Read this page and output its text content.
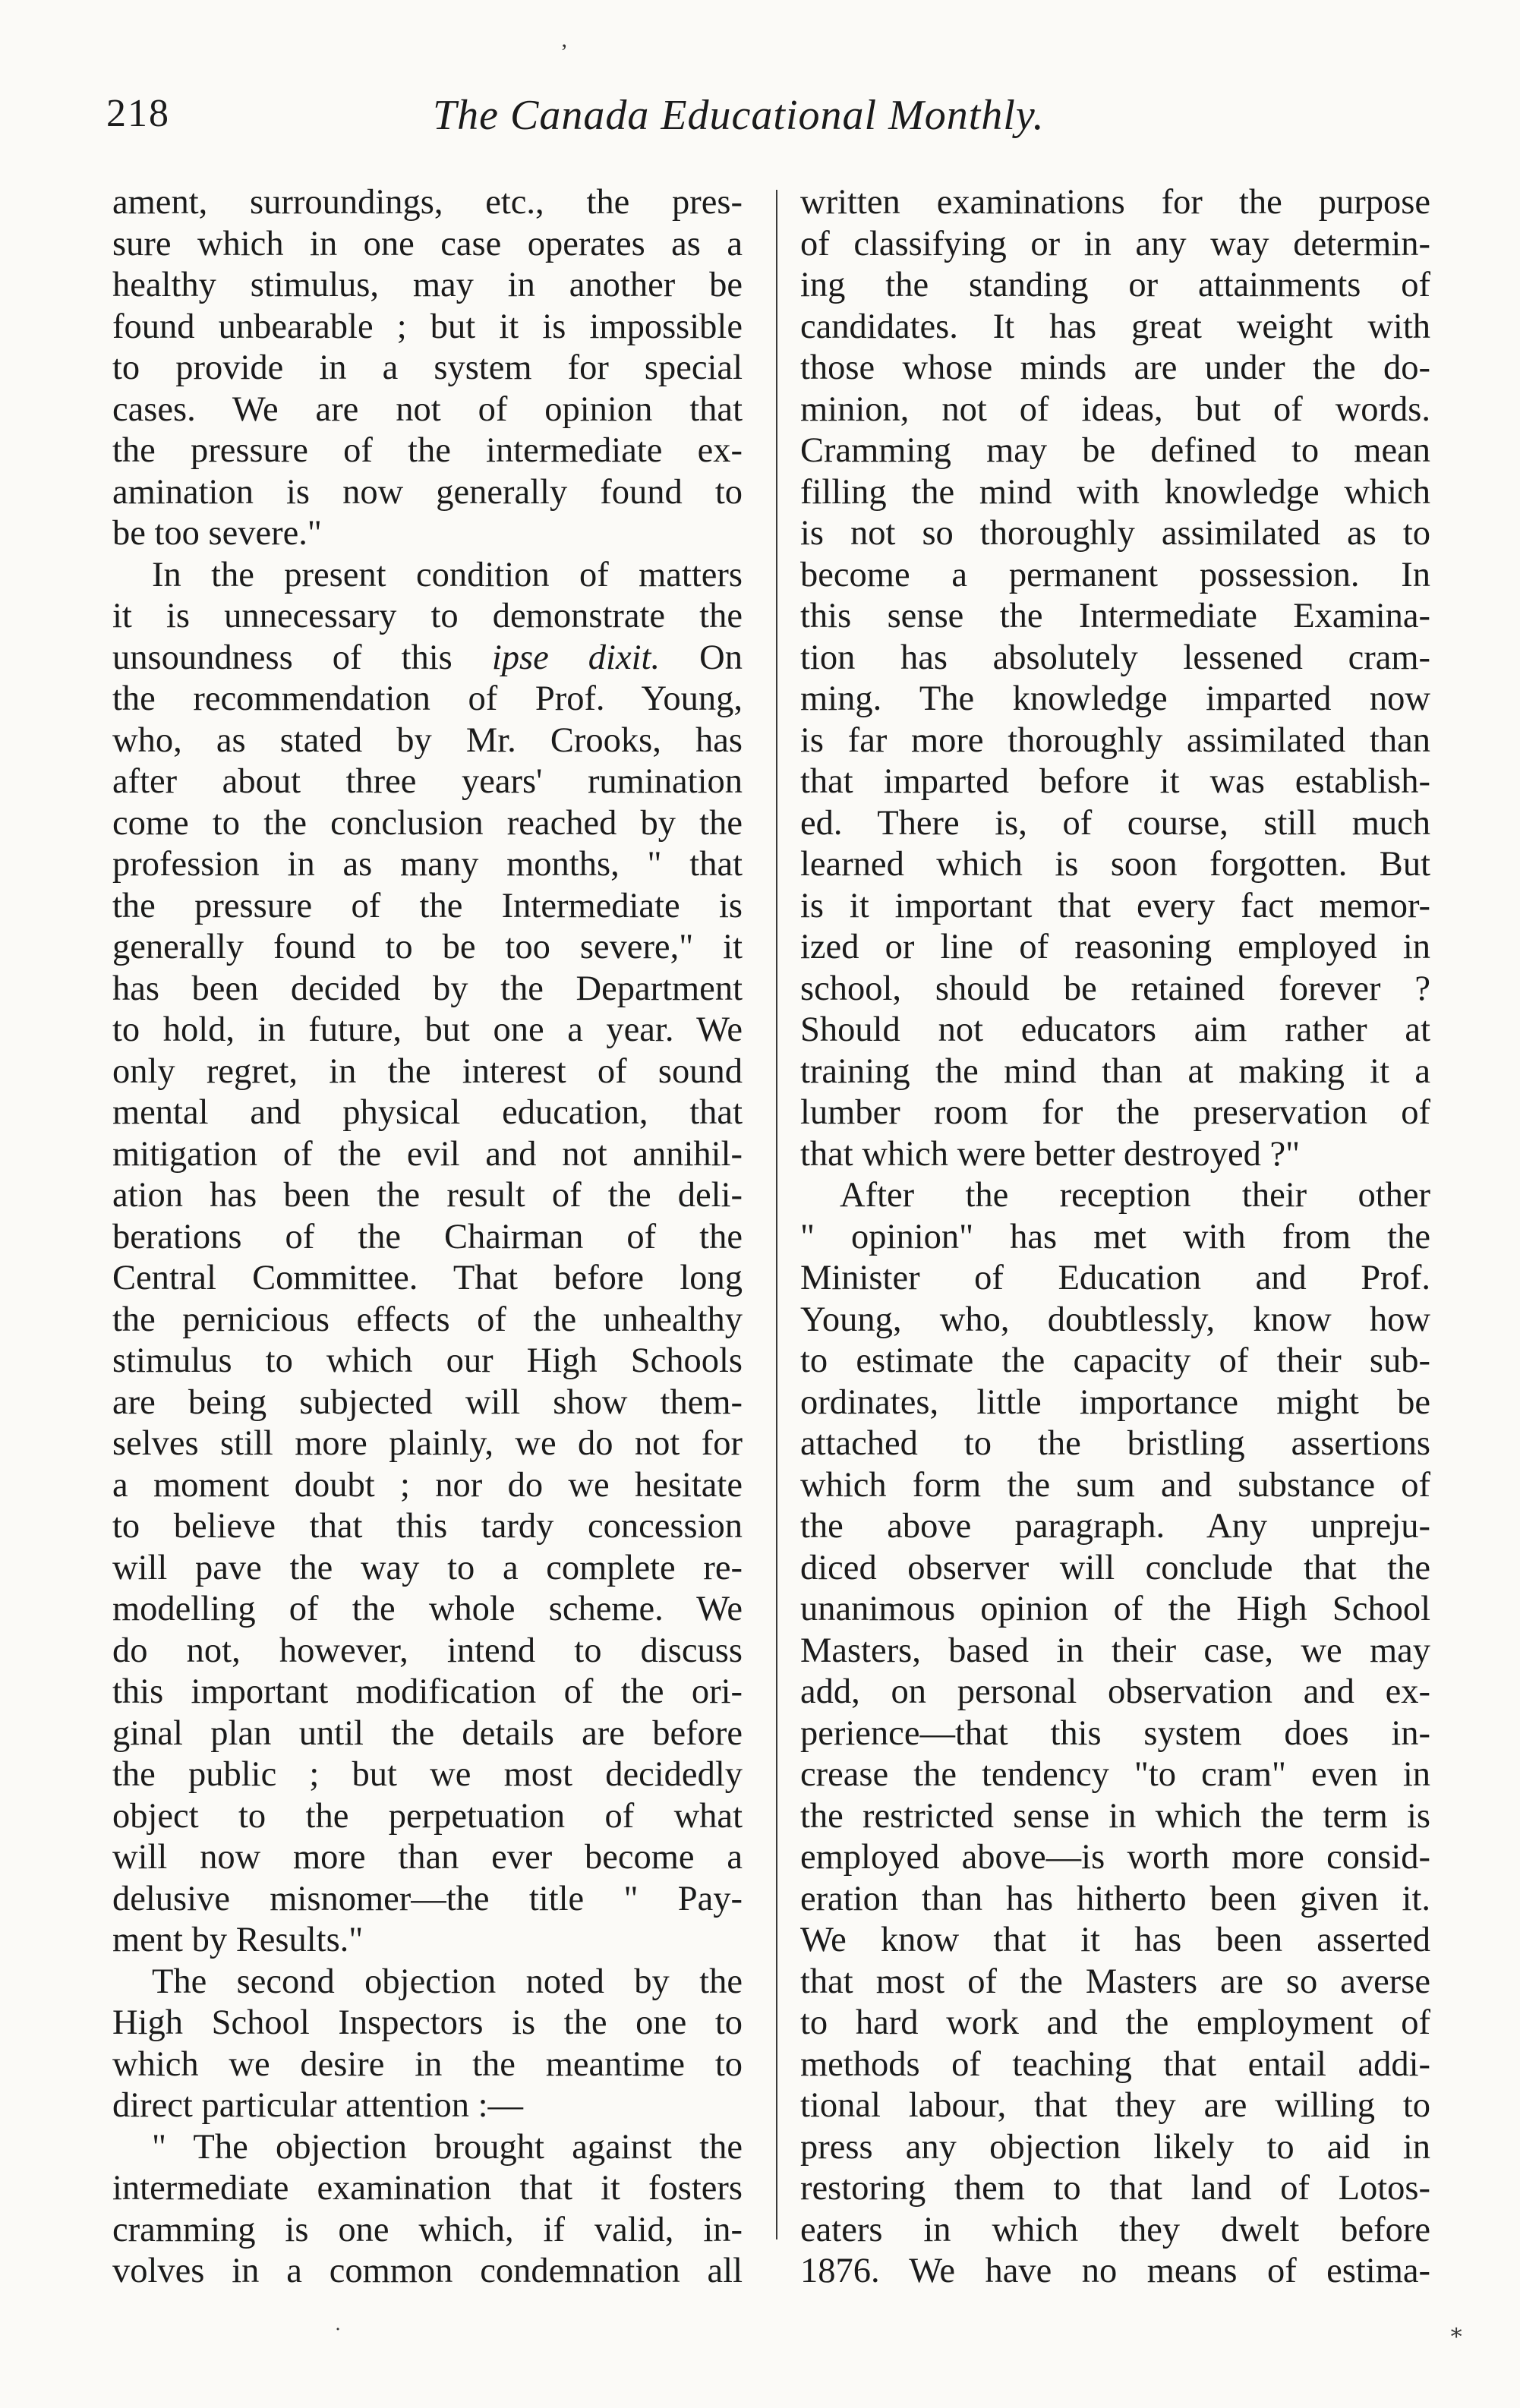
218	The Canada Educational Monthly.
ament, surroundings, etc., the pres-
sure which in one case operates as a
healthy stimulus, may in another be
found unbearable ; but it is impossible
to provide in a system for special
cases. We are not of opinion that
the pressure of the intermediate ex-
amination is now generally found to
be too severe."
In the present condition of matters
it is unnecessary to demonstrate the
unsoundness of this ipse dixit. On
the recommendation of Prof. Young,
who, as stated by Mr. Crooks, has
after about three years' rumination
come to the conclusion reached by the
profession in as many months, " that
the pressure of the Intermediate is
generally found to be too severe," it
has been decided by the Department
to hold, in future, but one a year. We
only regret, in the interest of sound
mental and physical education, that
mitigation of the evil and not annihil-
ation has been the result of the deli-
berations of the Chairman of the
Central Committee. That before long
the pernicious effects of the unhealthy
stimulus to which our High Schools
are being subjected will show them-
selves still more plainly, we do not for
a moment doubt ; nor do we hesitate
to believe that this tardy concession
will pave the way to a complete re-
modelling of the whole scheme. We
do not, however, intend to discuss
this important modification of the ori-
ginal plan until the details are before
the public ; but we most decidedly
object to the perpetuation of what
will now more than ever become a
delusive misnomer—the title " Pay-
ment by Results."
The second objection noted by the
High School Inspectors is the one to
which we desire in the meantime to
direct particular attention :—
" The objection brought against the
intermediate examination that it fosters
cramming is one which, if valid, in-
volves in a common condemnation all
written examinations for the purpose
of classifying or in any way determin-
ing the standing or attainments of
candidates. It has great weight with
those whose minds are under the do-
minion, not of ideas, but of words.
Cramming may be defined to mean
filling the mind with knowledge which
is not so thoroughly assimilated as to
become a permanent possession. In
this sense the Intermediate Examina-
tion has absolutely lessened cram-
ming. The knowledge imparted now
is far more thoroughly assimilated than
that imparted before it was establish-
ed. There is, of course, still much
learned which is soon forgotten. But
is it important that every fact memor-
ized or line of reasoning employed in
school, should be retained forever ?
Should not educators aim rather at
training the mind than at making it a
lumber room for the preservation of
that which were better destroyed ?"
After the reception their other
" opinion" has met with from the
Minister of Education and Prof.
Young, who, doubtlessly, know how
to estimate the capacity of their sub-
ordinates, little importance might be
attached to the bristling assertions
which form the sum and substance of
the above paragraph. Any unpreju-
diced observer will conclude that the
unanimous opinion of the High School
Masters, based in their case, we may
add, on personal observation and ex-
perience—that this system does in-
crease the tendency "to cram" even in
the restricted sense in which the term is
employed above—is worth more consid-
eration than has hitherto been given it.
We know that it has been asserted
that most of the Masters are so averse
to hard work and the employment of
methods of teaching that entail addi-
tional labour, that they are willing to
press any objection likely to aid in
restoring them to that land of Lotos-
eaters in which they dwelt before
1876. We have no means of estima-
’
˙	∗
